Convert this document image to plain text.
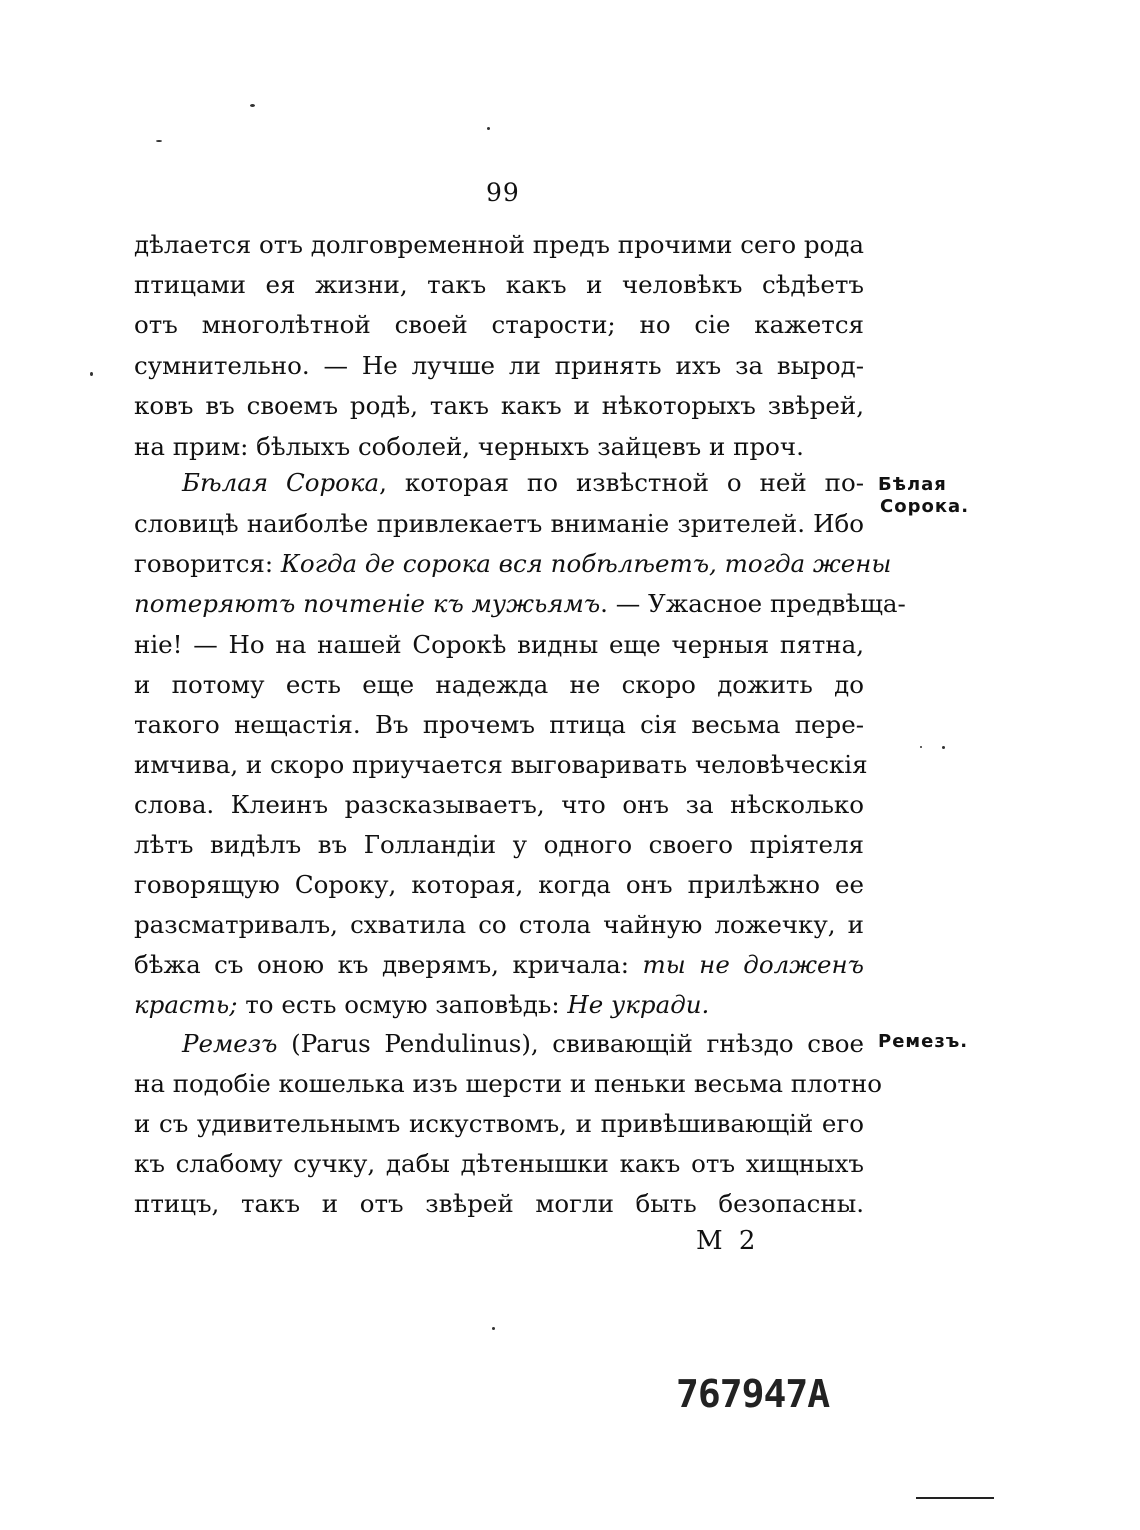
99
дѣлается отъ долговременной предъ прочими сего рода
птицами ея жизни, такъ какъ и человѣкъ сѣдѣетъ
отъ многолѣтной своей старости; но сіе кажется
сумнительно. — Не лучше ли принять ихъ за вырод-
ковъ въ своемъ родѣ, такъ какъ и нѣкоторыхъ звѣрей,
на прим: бѣлыхъ соболей, черныхъ зайцевъ и проч.
Бѣлая Сорока, которая по извѣстной о ней по-
словицѣ наиболѣе привлекаетъ вниманіе зрителей. Ибо
говорится: Когда де сорока вся побѣлѣетъ, тогда жены
потеряютъ почтеніе къ мужьямъ. — Ужасное предвѣща-
ніе! — Но на нашей Сорокѣ видны еще черныя пятна,
и потому есть еще надежда не скоро дожить до
такого нещастія. Въ прочемъ птица сія весьма пере-
имчива, и скоро приучается выговаривать человѣческія
слова. Клеинъ разсказываетъ, что онъ за нѣсколько
лѣтъ видѣлъ въ Голландіи у одного своего пріятеля
говорящую Сороку, которая, когда онъ прилѣжно ее
разсматривалъ, схватила со стола чайную ложечку, и
бѣжа съ оною къ дверямъ, кричала: ты не долженъ
красть; то есть осмую заповѣдь: Не укради.
Ремезъ (Parus Pendulinus), свивающій гнѣздо свое
на подобіе кошелька изъ шерсти и пеньки весьма плотно
и съ удивительнымъ искуствомъ, и привѣшивающій его
къ слабому сучку, дабы дѣтенышки какъ отъ хищныхъ
птицъ, такъ и отъ звѣрей могли быть безопасны.
Бѣлая
Сорока.
Ремезъ.
M 2
767947A
